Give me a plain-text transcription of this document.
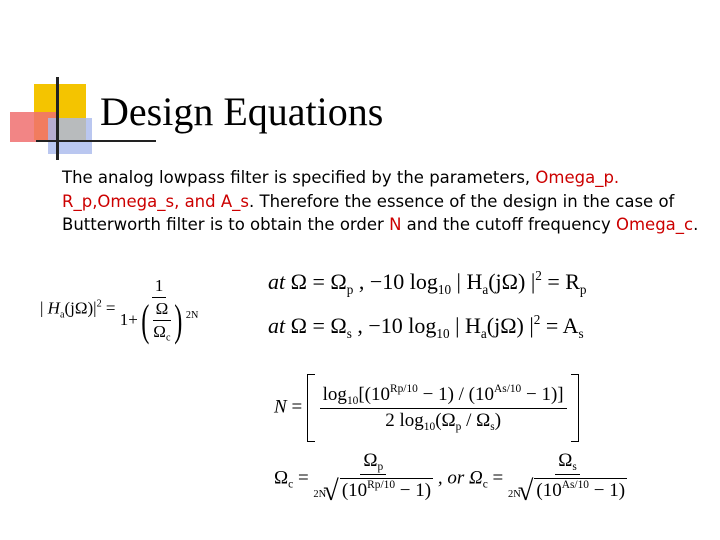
Design Equations
The analog lowpass filter is specified by the parameters, Omega_p. R_p,Omega_s, and A_s. Therefore the essence of the design in the case of Butterworth filter is to obtain the order N and the cutoff frequency Omega_c.
| $H_a(j\Omega)|^2 = \frac{1}{1+( \frac{\Omega}{\Omega_c} ) ^{2N}}$	at $\Omega = \Omega_p$ , −10 $\log_{10}$ | $H_a(j\Omega) |^2 = R_p$
at $\Omega = \Omega_s$ , −10 $\log_{10}$ | $H_a(j\Omega) |^2 = A_s$
$N = \frac{\log_{10}[(10^{Rp/10} - 1) / (10^{As/10} - 1)]}{2 \log_{10}(\Omega_p / \Omega_s)}$

$\Omega_c = \frac{\Omega_p}{2N√ (10^{Rp/10} - 1)}$ , or $\Omega_c = \frac{\Omega_s}{2N√ (10^{As/10} - 1)}$
